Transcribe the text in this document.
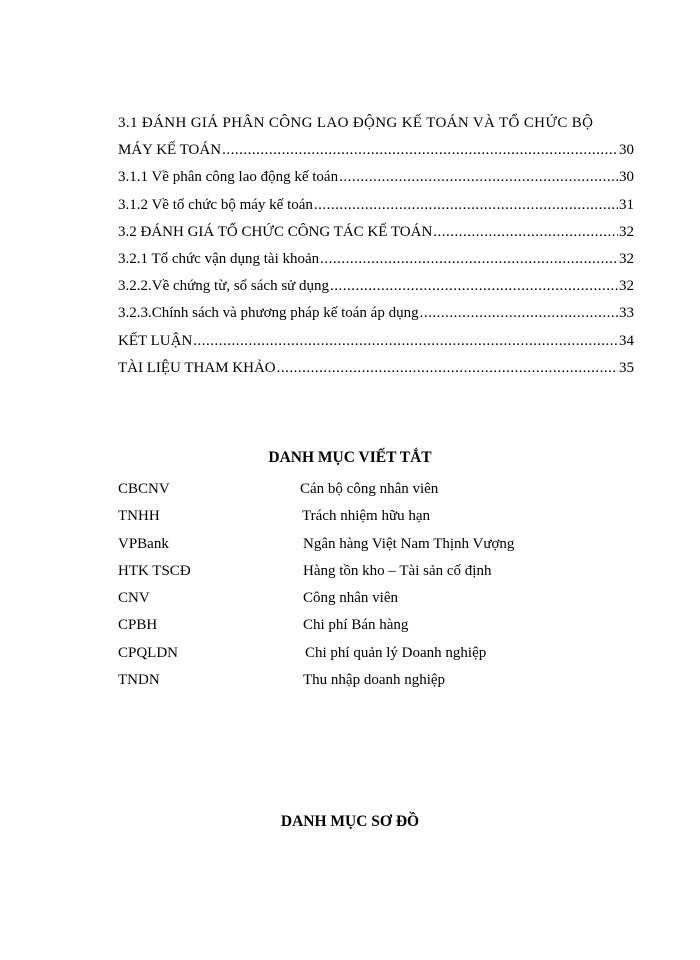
3.1 ĐÁNH GIÁ PHÂN CÔNG LAO ĐỘNG KẾ TOÁN VÀ TỔ CHỨC BỘ
MÁY KẾ TOÁN .....	30
3.1.1 Về phân công lao động kế toán .....	30
3.1.2 Về tổ chức bộ máy kế toán .....	31
3.2 ĐÁNH GIÁ TỔ CHỨC CÔNG TÁC KẾ TOÁN .....	32
3.2.1 Tổ chức vận dụng tài khoản .....	32
3.2.2.Về chứng từ, sổ sách sử dụng .....	32
3.2.3.Chính sách và phương pháp kế toán áp dụng .....	33
KẾT LUẬN .....	34
TÀI LIỆU THAM KHẢO .....	35
DANH MỤC VIẾT TẮT
CBCNV	Cán bộ công nhân viên
TNHH	Trách nhiệm hữu hạn
VPBank	Ngân hàng Việt Nam Thịnh Vượng
HTK TSCĐ	Hàng tồn kho – Tài sản cố định
CNV	Công nhân viên
CPBH	Chi phí Bán hàng
CPQLDN	Chi phí quản lý Doanh nghiệp
TNDN	Thu nhập doanh nghiệp
DANH MỤC SƠ ĐỒ
